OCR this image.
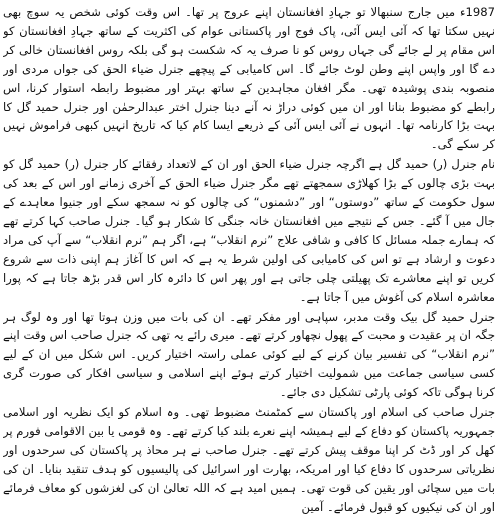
1987ء میں جارج سنبھالا تو جہادِ افغانستان اپنے عروج پر تھا۔ اس وقت کوئی شخص یہ سوچ بھی نہیں سکتا تھا کہ آئی ایس آئی، پاک فوج اور پاکستانی عوام کی اکثریت کے ساتھ جہادِ افغانستان کو اس مقام پر لے جائے گی جہاں روس کو نا صرف یہ کہ شکست ہو گی بلکہ روس افغانستان خالی کر دے گا اور واپس اپنے وطن لوٹ جائے گا۔ اس کامیابی کے پیچھے جنرل ضیاء الحق کی جواں مردی اور منصوبہ بندی پوشیدہ تھی۔ مگر افغان مجاہدین کے ساتھ بہتر اور مضبوط رابطہ استوار کرنا، اس رابطے کو مضبوط بنانا اور ان میں کوئی دراڑ نہ آنے دینا جنرل اختر عبدالرحمٰن اور جنرل حمید گل کا بہت بڑا کارنامہ تھا۔ انہوں نے آئی ایس آئی کے ذریعے ایسا کام کیا کہ تاریخ انہیں کبھی فراموش نہیں کر سکے گی۔

نام جنرل (ر) حمید گل ہے اگرچہ جنرل ضیاء الحق اور ان کے لاتعداد رفقائے کار جنرل (ر) حمید گل کو بہت بڑی چالوں کے بڑا کھلاڑی سمجھتے تھے مگر جنرل ضیاء الحق کے آخری زمانے اور اس کے بعد کی سول حکومت کے ساتھ ”دوستوں“ اور ”دشمنوں“ کی چالوں کو نہ سمجھ سکے اور جنیوا معاہدے کے جال میں آ گئے۔ جس کے نتیجے میں افغانستان خانہ جنگی کا شکار ہو گیا۔ جنرل صاحب کہا کرتے تھے کہ ہمارے جملہ مسائل کا کافی و شافی علاج ”نرم انقلاب“ ہے، اگر ہم ”نرم انقلاب“ سے آپ کی مراد دعوت و ارشاد ہے تو اس کی کامیابی کی اولین شرط یہ ہے کہ اس کا آغاز ہم اپنی ذات سے شروع کریں تو اپنے معاشرے تک پھیلتی چلی جاتی ہے اور پھر اس کا دائرہ کار اس قدر بڑھ جاتا ہے کہ پورا معاشرہ اسلام کی آغوش میں آ جاتا ہے۔

جنرل حمید گل بیک وقت مدبر، سپاہی اور مفکر تھے۔ ان کی بات میں وزن ہوتا تھا اور وہ لوگ ہر جگہ ان پر عقیدت و محبت کے پھول نچھاور کرتے تھے۔ میری رائے یہ تھی کہ جنرل صاحب اس وقت اپنے ”نرم انقلاب“ کی تفسیر بیان کرنے کے لیے کوئی عملی راستہ اختیار کریں۔ اس شکل میں ان کے لیے کسی سیاسی جماعت میں شمولیت اختیار کرتے ہوئے اپنے اسلامی و سیاسی افکار کی صورت گری کرنا ہوگی تاکہ کوئی پارٹی تشکیل دی جائے۔

جنرل صاحب کی اسلام اور پاکستان سے کمٹمنٹ مضبوط تھی۔ وہ اسلام کو ایک نظریہ اور اسلامی جمہوریہ پاکستان کو دفاع کے لیے ہمیشہ اپنے نعرے بلند کیا کرتے تھے۔ وہ قومی یا بین الاقوامی فورم پر کھل کر اور ڈٹ کر اپنا موقف پیش کرتے تھے۔ جنرل صاحب نے ہر محاذ پر پاکستان کی سرحدوں اور نظریاتی سرحدوں کا دفاع کیا اور امریکہ، بھارت اور اسرائیل کی پالیسیوں کو ہدف تنقید بنایا۔ ان کی بات میں سچائی اور یقین کی قوت تھی۔ ہمیں امید ہے کہ اللہ تعالیٰ ان کی لغزشوں کو معاف فرمائے اور ان کی نیکیوں کو قبول فرمائے۔ آمین
